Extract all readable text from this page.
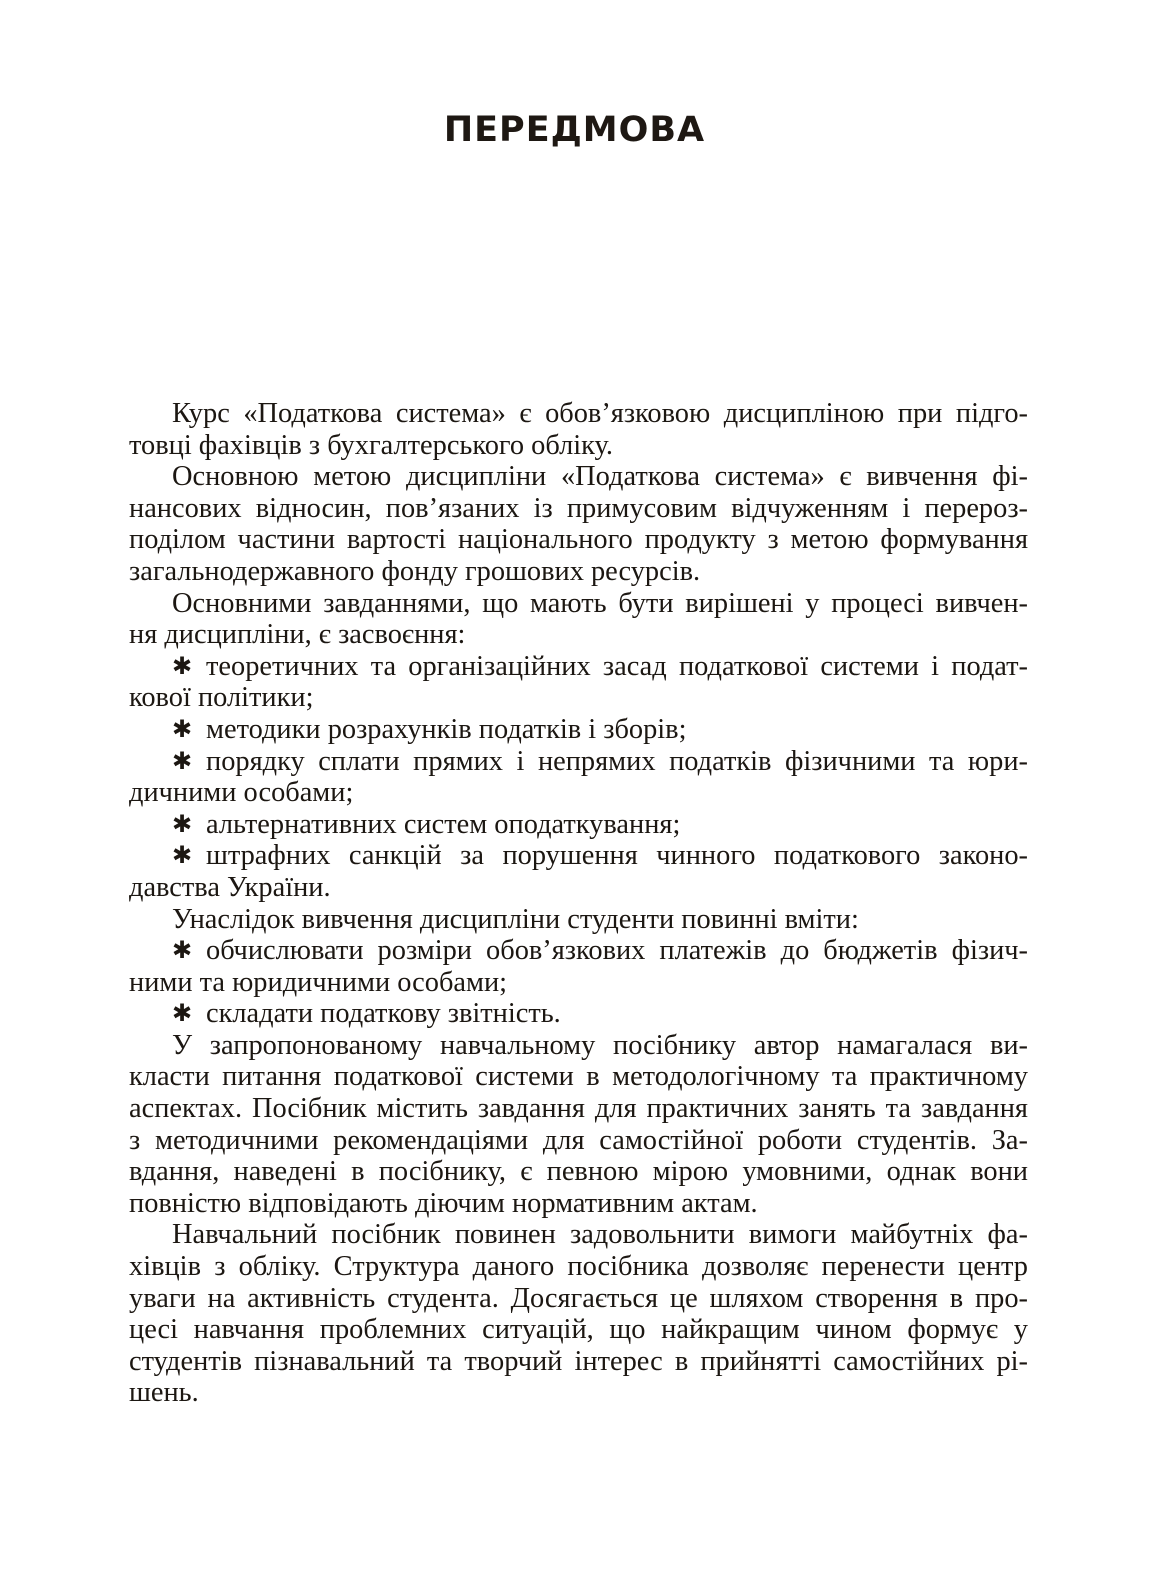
ПЕРЕДМОВА
Курс «Податкова система» є обов’язковою дисципліною при підго-
товці фахівців з бухгалтерського обліку.
Основною метою дисципліни «Податкова система» є вивчення фі-
нансових відносин, пов’язаних із примусовим відчуженням і перероз-
поділом частини вартості національного продукту з метою формування
загальнодержавного фонду грошових ресурсів.
Основними завданнями, що мають бути вирішені у процесі вивчен-
ня дисципліни, є засвоєння:
✱ теоретичних та організаційних засад податкової системи і подат-
кової політики;
✱ методики розрахунків податків і зборів;
✱ порядку сплати прямих і непрямих податків фізичними та юри-
дичними особами;
✱ альтернативних систем оподаткування;
✱ штрафних санкцій за порушення чинного податкового законо-
давства України.
Унаслідок вивчення дисципліни студенти повинні вміти:
✱ обчислювати розміри обов’язкових платежів до бюджетів фізич-
ними та юридичними особами;
✱ складати податкову звітність.
У запропонованому навчальному посібнику автор намагалася ви-
класти питання податкової системи в методологічному та практичному
аспектах. Посібник містить завдання для практичних занять та завдання
з методичними рекомендаціями для самостійної роботи студентів. За-
вдання, наведені в посібнику, є певною мірою умовними, однак вони
повністю відповідають діючим нормативним актам.
Навчальний посібник повинен задовольнити вимоги майбутніх фа-
хівців з обліку. Структура даного посібника дозволяє перенести центр
уваги на активність студента. Досягається це шляхом створення в про-
цесі навчання проблемних ситуацій, що найкращим чином формує у
студентів пізнавальний та творчий інтерес в прийнятті самостійних рі-
шень.
